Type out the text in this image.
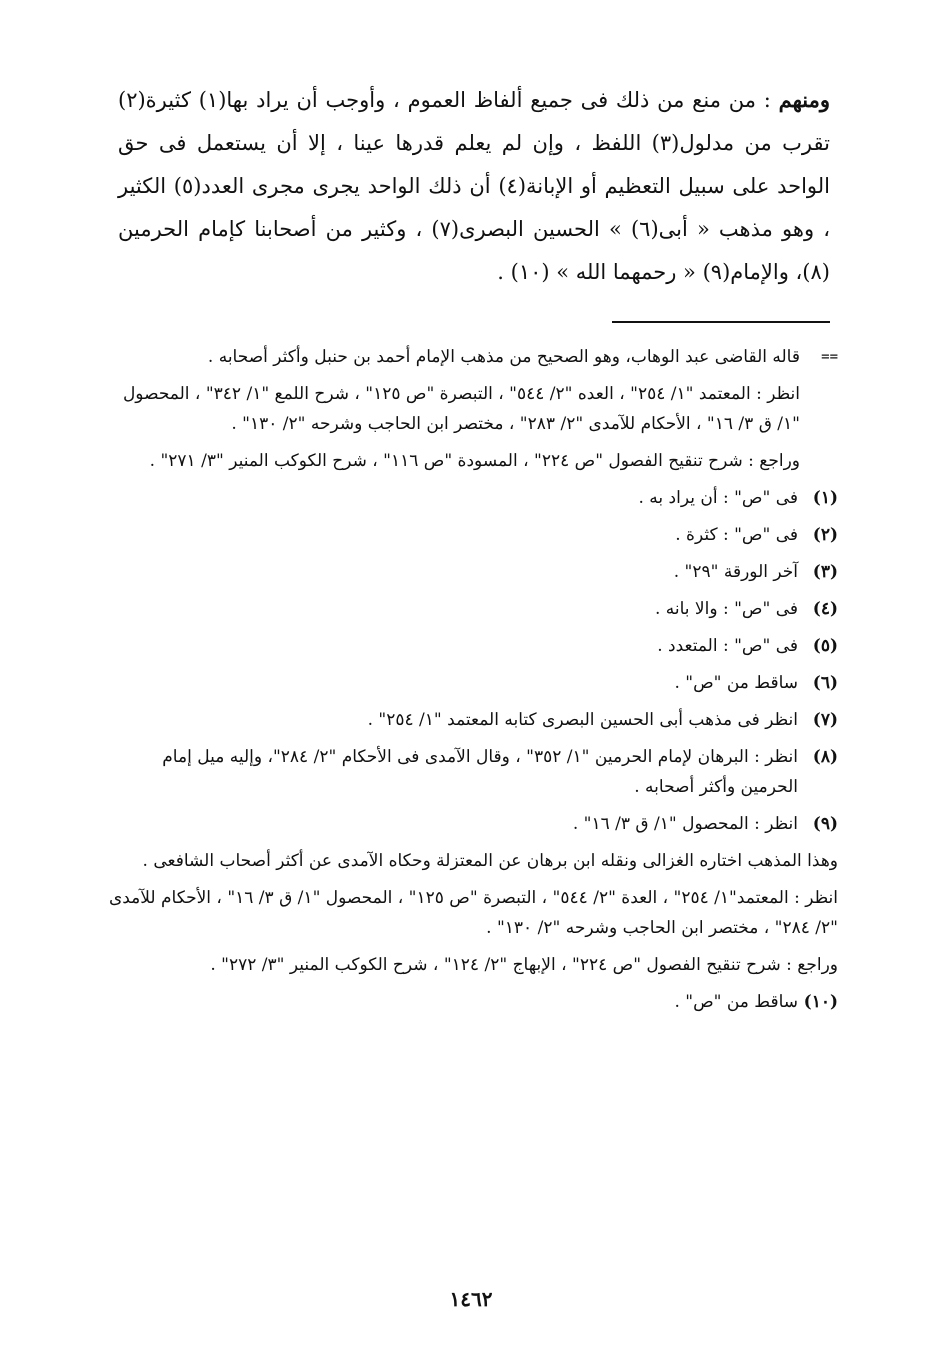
ومنهم : من منع من ذلك فى جميع ألفاظ العموم ، وأوجب أن يراد بها(١) كثيرة(٢) تقرب من مدلول(٣) اللفظ ، وإن لم يعلم قدرها عينا ، إلا أن يستعمل فى حق الواحد على سبيل التعظيم أو الإبانة(٤) أن ذلك الواحد يجرى مجرى العدد(٥) الكثير ، وهو مذهب « أبى(٦) » الحسين البصرى(٧) ، وكثير من أصحابنا كإمام الحرمين (٨)، والإمام(٩) « رحمهما الله » (١٠) .

==
قاله القاضى عبد الوهاب، وهو الصحيح من مذهب الإمام أحمد بن حنبل وأكثر أصحابه .
انظر : المعتمد "١/ ٢٥٤" ، العده "٢/ ٥٤٤" ، التبصرة "ص ١٢٥" ، شرح اللمع "١/ ٣٤٢" ، المحصول "١/ ق ٣/ ١٦" ، الأحكام للآمدى "٢/ ٢٨٣" ، مختصر ابن الحاجب وشرحه "٢/ ١٣٠" .
وراجع : شرح تنقيح الفصول "ص ٢٢٤" ، المسودة "ص ١١٦" ، شرح الكوكب المنير "٣/ ٢٧١" .
(١)
فى "ص" : أن يراد به .
(٢)
فى "ص" : كثرة .
(٣)
آخر الورقة "٢٩" .
(٤)
فى "ص" : والا بانه .
(٥)
فى "ص" : المتعدد .
(٦)
ساقط من "ص" .
(٧)
انظر فى مذهب أبى الحسين البصرى كتابه المعتمد "١/ ٢٥٤" .
(٨)
انظر : البرهان لإمام الحرمين "١/ ٣٥٢" ، وقال الآمدى فى الأحكام "٢/ ٢٨٤"، وإليه ميل إمام الحرمين وأكثر أصحابه .
(٩)
انظر : المحصول "١/ ق ٣/ ١٦" .
وهذا المذهب اختاره الغزالى ونقله ابن برهان عن المعتزلة وحكاه الآمدى عن أكثر أصحاب الشافعى .
انظر : المعتمد"١/ ٢٥٤" ، العدة "٢/ ٥٤٤" ، التبصرة "ص ١٢٥" ، المحصول "١/ ق ٣/ ١٦" ، الأحكام للآمدى "٢/ ٢٨٤" ، مختصر ابن الحاجب وشرحه "٢/ ١٣٠" .
وراجع : شرح تنقيح الفصول "ص ٢٢٤" ، الإبهاج "٢/ ١٢٤" ، شرح الكوكب المنير "٣/ ٢٧٢" .
(١٠)
ساقط من "ص" .
١٤٦٢
